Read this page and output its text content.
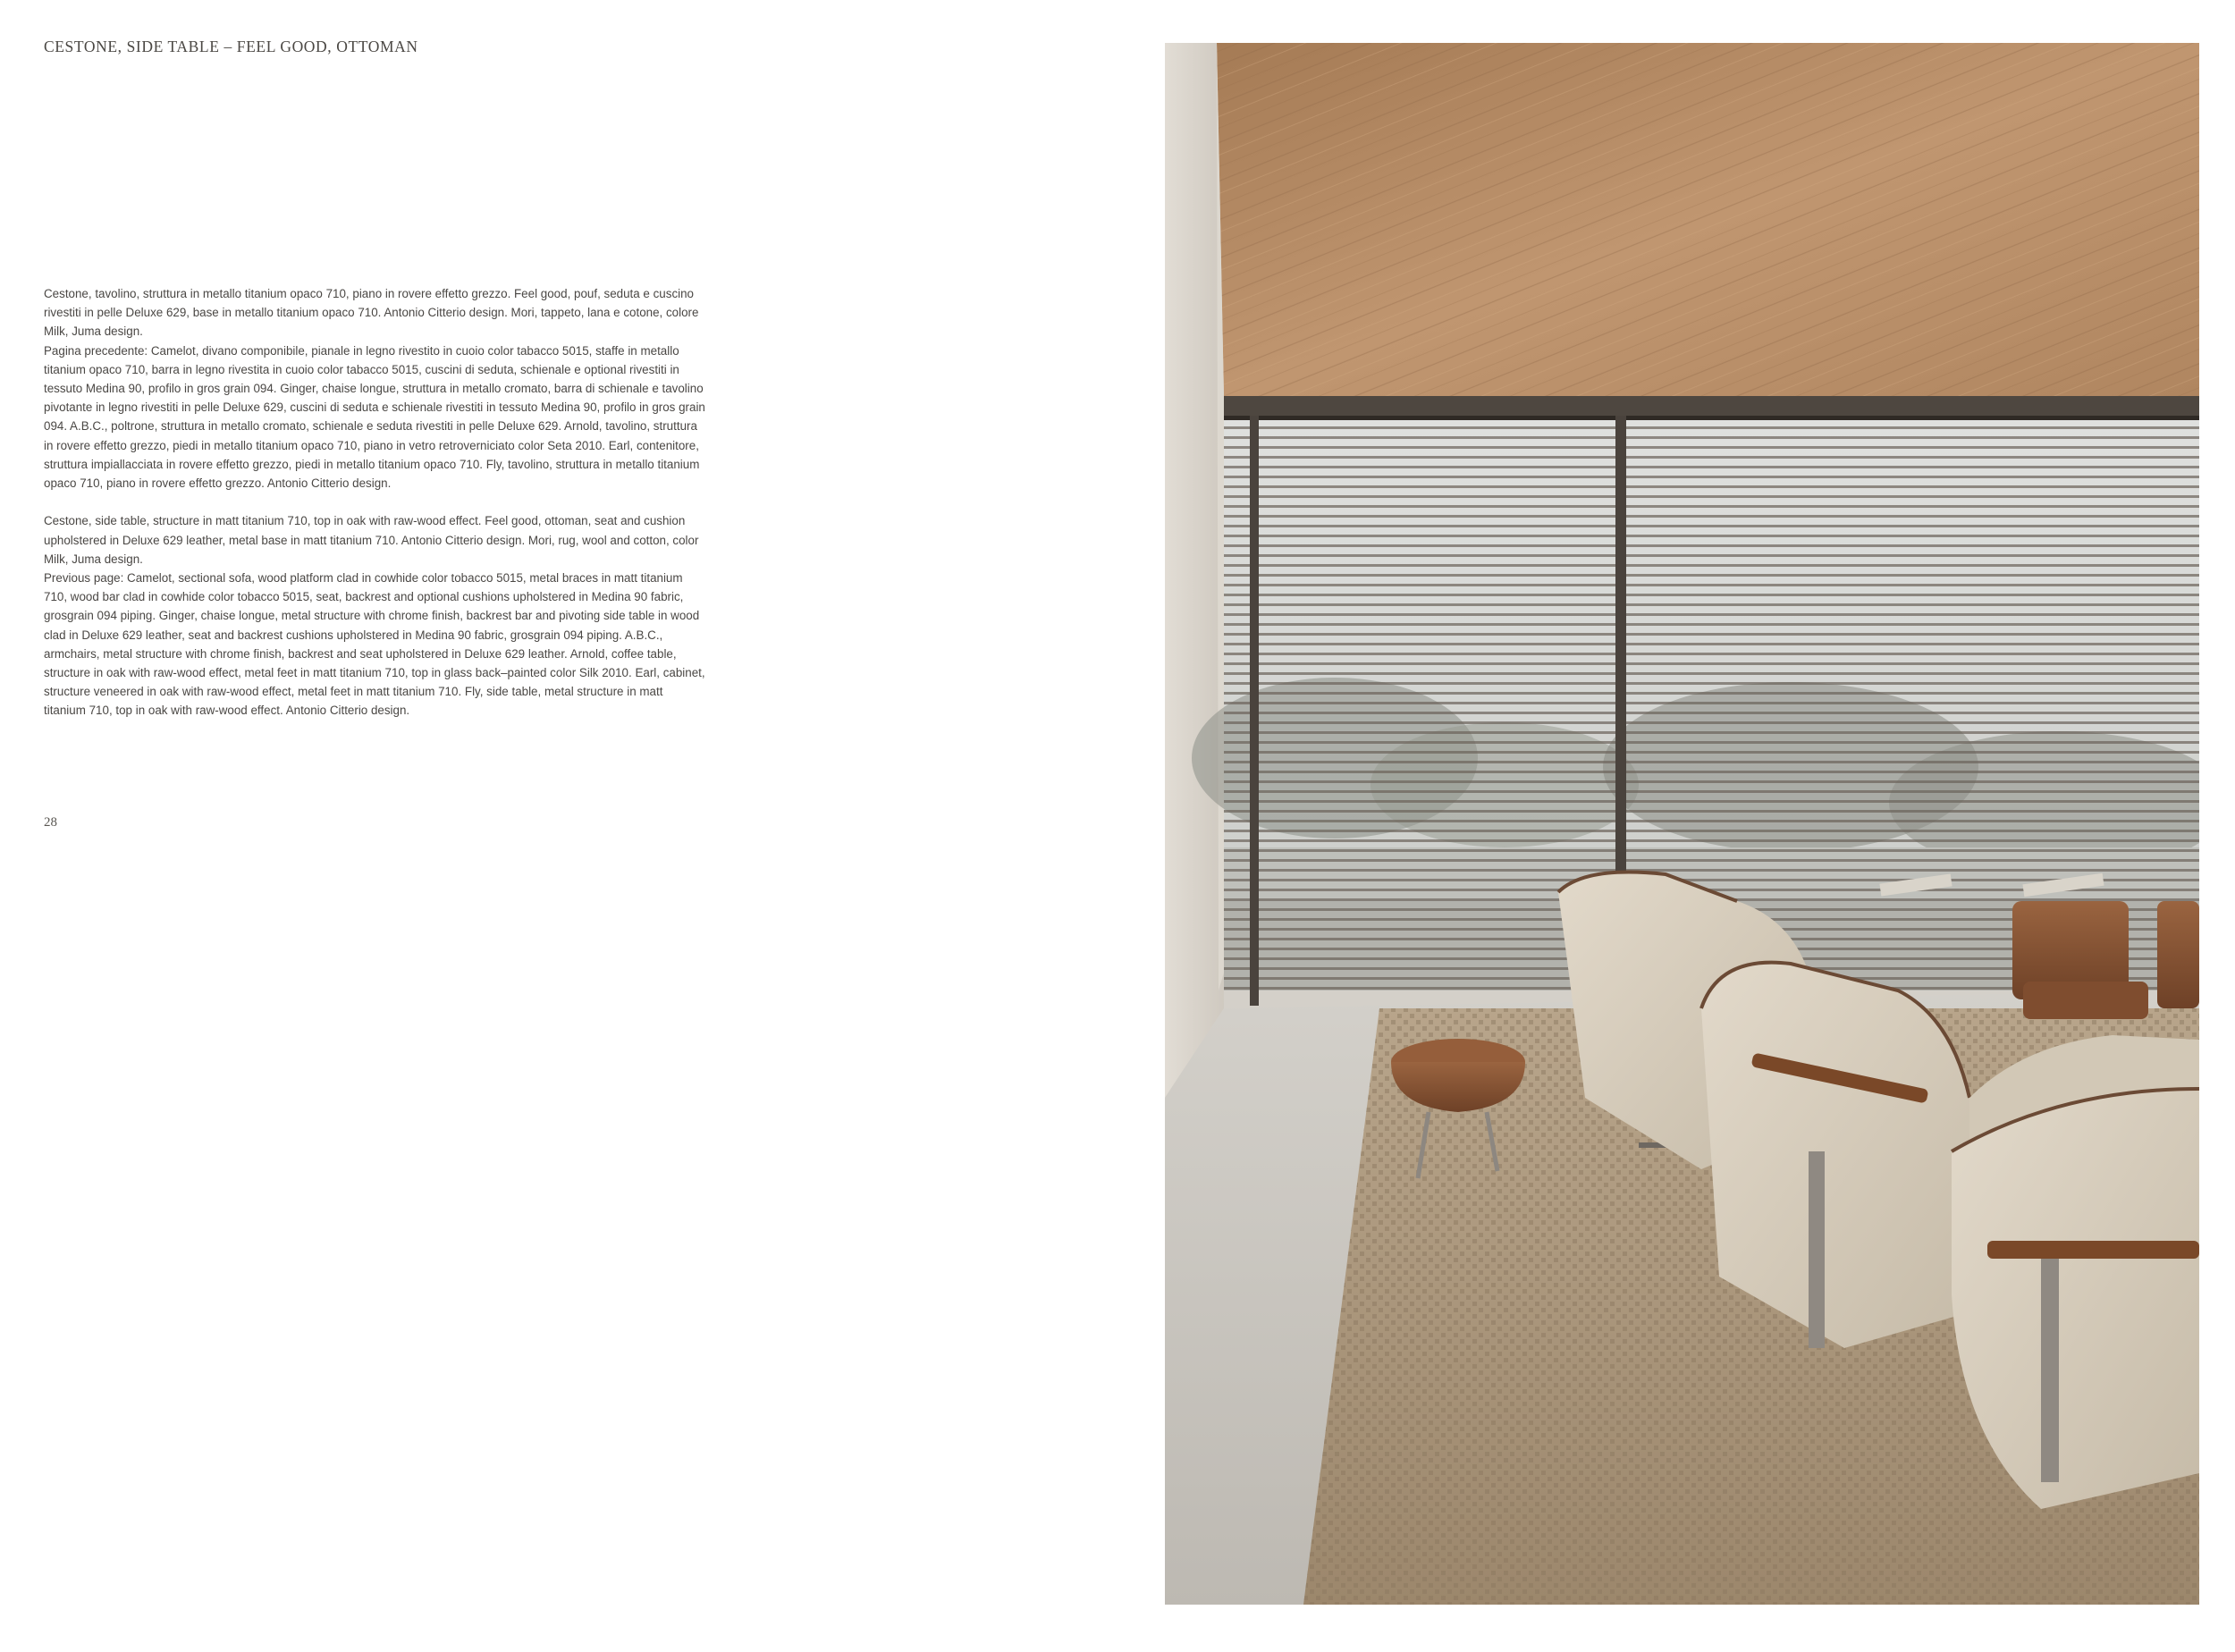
CESTONE, SIDE TABLE – FEEL GOOD, OTTOMAN

Cestone, tavolino, struttura in metallo titanium opaco 710, piano in rovere effetto grezzo. Feel good, pouf, seduta e cuscino rivestiti in pelle Deluxe 629, base in metallo titanium opaco 710. Antonio Citterio design. Mori, tappeto, lana e cotone, colore Milk, Juma design.

Pagina precedente: Camelot, divano componibile, pianale in legno rivestito in cuoio color tabacco 5015, staffe in metallo titanium opaco 710, barra in legno rivestita in cuoio color tabacco 5015, cuscini di seduta, schienale e optional rivestiti in tessuto Medina 90, profilo in gros grain 094. Ginger, chaise longue, struttura in metallo cromato, barra di schienale e tavolino pivotante in legno rivestiti in pelle Deluxe 629, cuscini di seduta e schienale rivestiti in tessuto Medina 90, profilo in gros grain 094. A.B.C., poltrone, struttura in metallo cromato, schienale e seduta rivestiti in pelle Deluxe 629. Arnold, tavolino, struttura in rovere effetto grezzo, piedi in metallo titanium opaco 710, piano in vetro retroverniciato color Seta 2010. Earl, contenitore, struttura impiallacciata in rovere effetto grezzo, piedi in metallo titanium opaco 710. Fly, tavolino, struttura in metallo titanium opaco 710, piano in rovere effetto grezzo. Antonio Citterio design.

Cestone, side table, structure in matt titanium 710, top in oak with raw-wood effect. Feel good, ottoman, seat and cushion upholstered in Deluxe 629 leather, metal base in matt titanium 710. Antonio Citterio design. Mori, rug, wool and cotton, color Milk, Juma design.

Previous page: Camelot, sectional sofa, wood platform clad in cowhide color tobacco 5015, metal braces in matt titanium 710, wood bar clad in cowhide color tobacco 5015, seat, backrest and optional cushions upholstered in Medina 90 fabric, grosgrain 094 piping. Ginger, chaise longue, metal structure with chrome finish, backrest bar and pivoting side table in wood clad in Deluxe 629 leather, seat and backrest cushions upholstered in Medina 90 fabric, grosgrain 094 piping. A.B.C., armchairs, metal structure with chrome finish, backrest and seat upholstered in Deluxe 629 leather. Arnold, coffee table, structure in oak with raw-wood effect, metal feet in matt titanium 710, top in glass back–painted color Silk 2010. Earl, cabinet, structure veneered in oak with raw-wood effect, metal feet in matt titanium 710. Fly, side table, metal structure in matt titanium 710, top in oak with raw-wood effect. Antonio Citterio design.

28
